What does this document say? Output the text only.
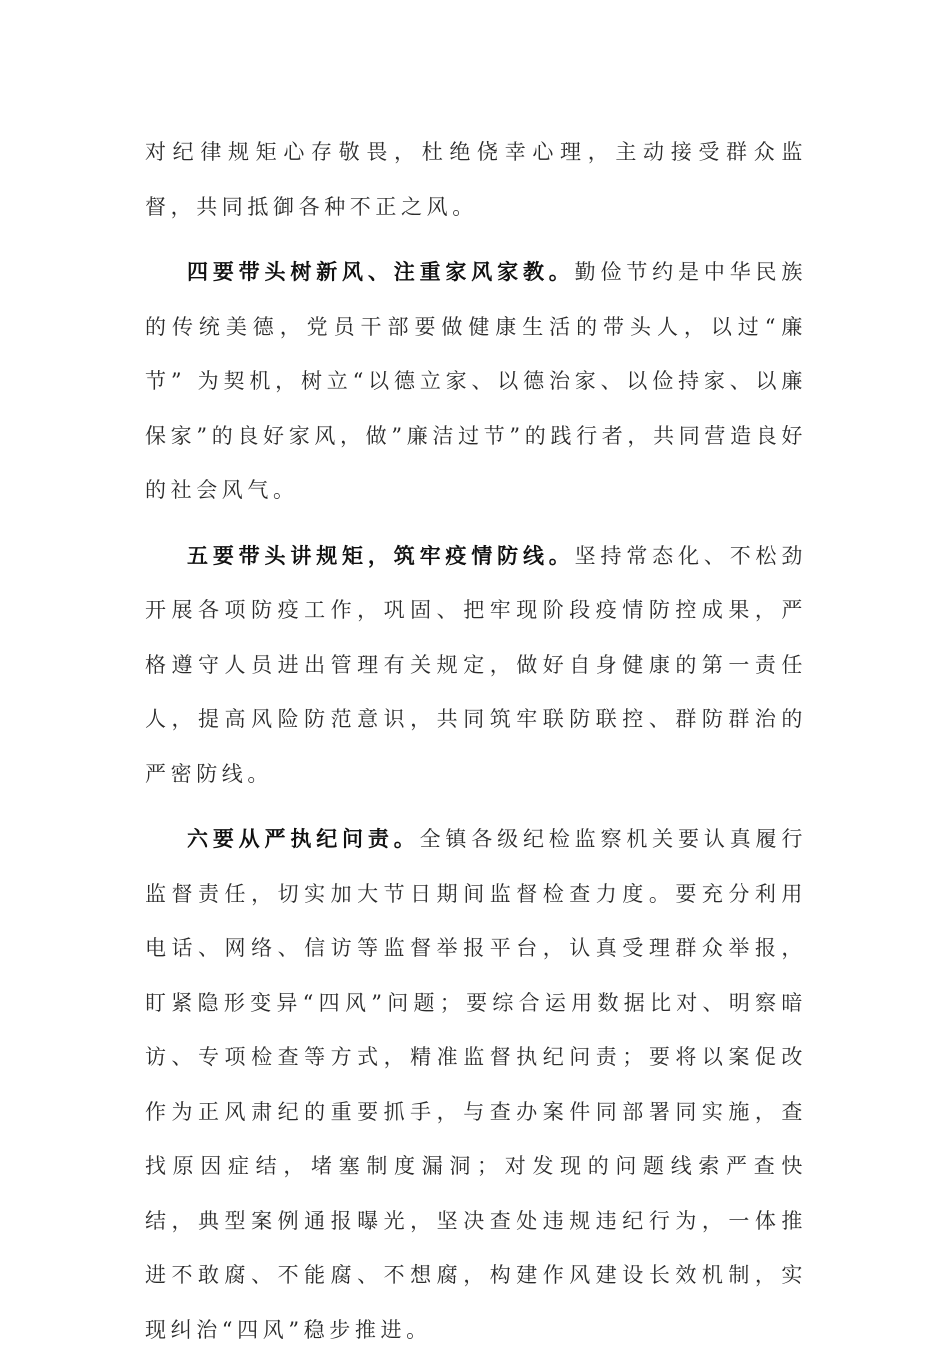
对纪律规矩心存敬畏，杜绝侥幸心理，主动接受群众监督，共同抵御各种不正之风。

四要带头树新风、注重家风家教。勤俭节约是中华民族的传统美德，党员干部要做健康生活的带头人，以过“廉节” 为契机，树立“以德立家、以德治家、以俭持家、以廉保家”的良好家风，做”廉洁过节”的践行者，共同营造良好的社会风气。

五要带头讲规矩，筑牢疫情防线。坚持常态化、不松劲开展各项防疫工作，巩固、把牢现阶段疫情防控成果，严格遵守人员进出管理有关规定，做好自身健康的第一责任人，提高风险防范意识，共同筑牢联防联控、群防群治的严密防线。

六要从严执纪问责。全镇各级纪检监察机关要认真履行监督责任，切实加大节日期间监督检查力度。要充分利用电话、网络、信访等监督举报平台，认真受理群众举报，盯紧隐形变异“四风”问题；要综合运用数据比对、明察暗访、专项检查等方式，精准监督执纪问责；要将以案促改作为正风肃纪的重要抓手，与查办案件同部署同实施，查找原因症结，堵塞制度漏洞；对发现的问题线索严查快结，典型案例通报曝光，坚决查处违规违纪行为，一体推进不敢腐、不能腐、不想腐，构建作风建设长效机制，实现纠治“四风”稳步推进。
